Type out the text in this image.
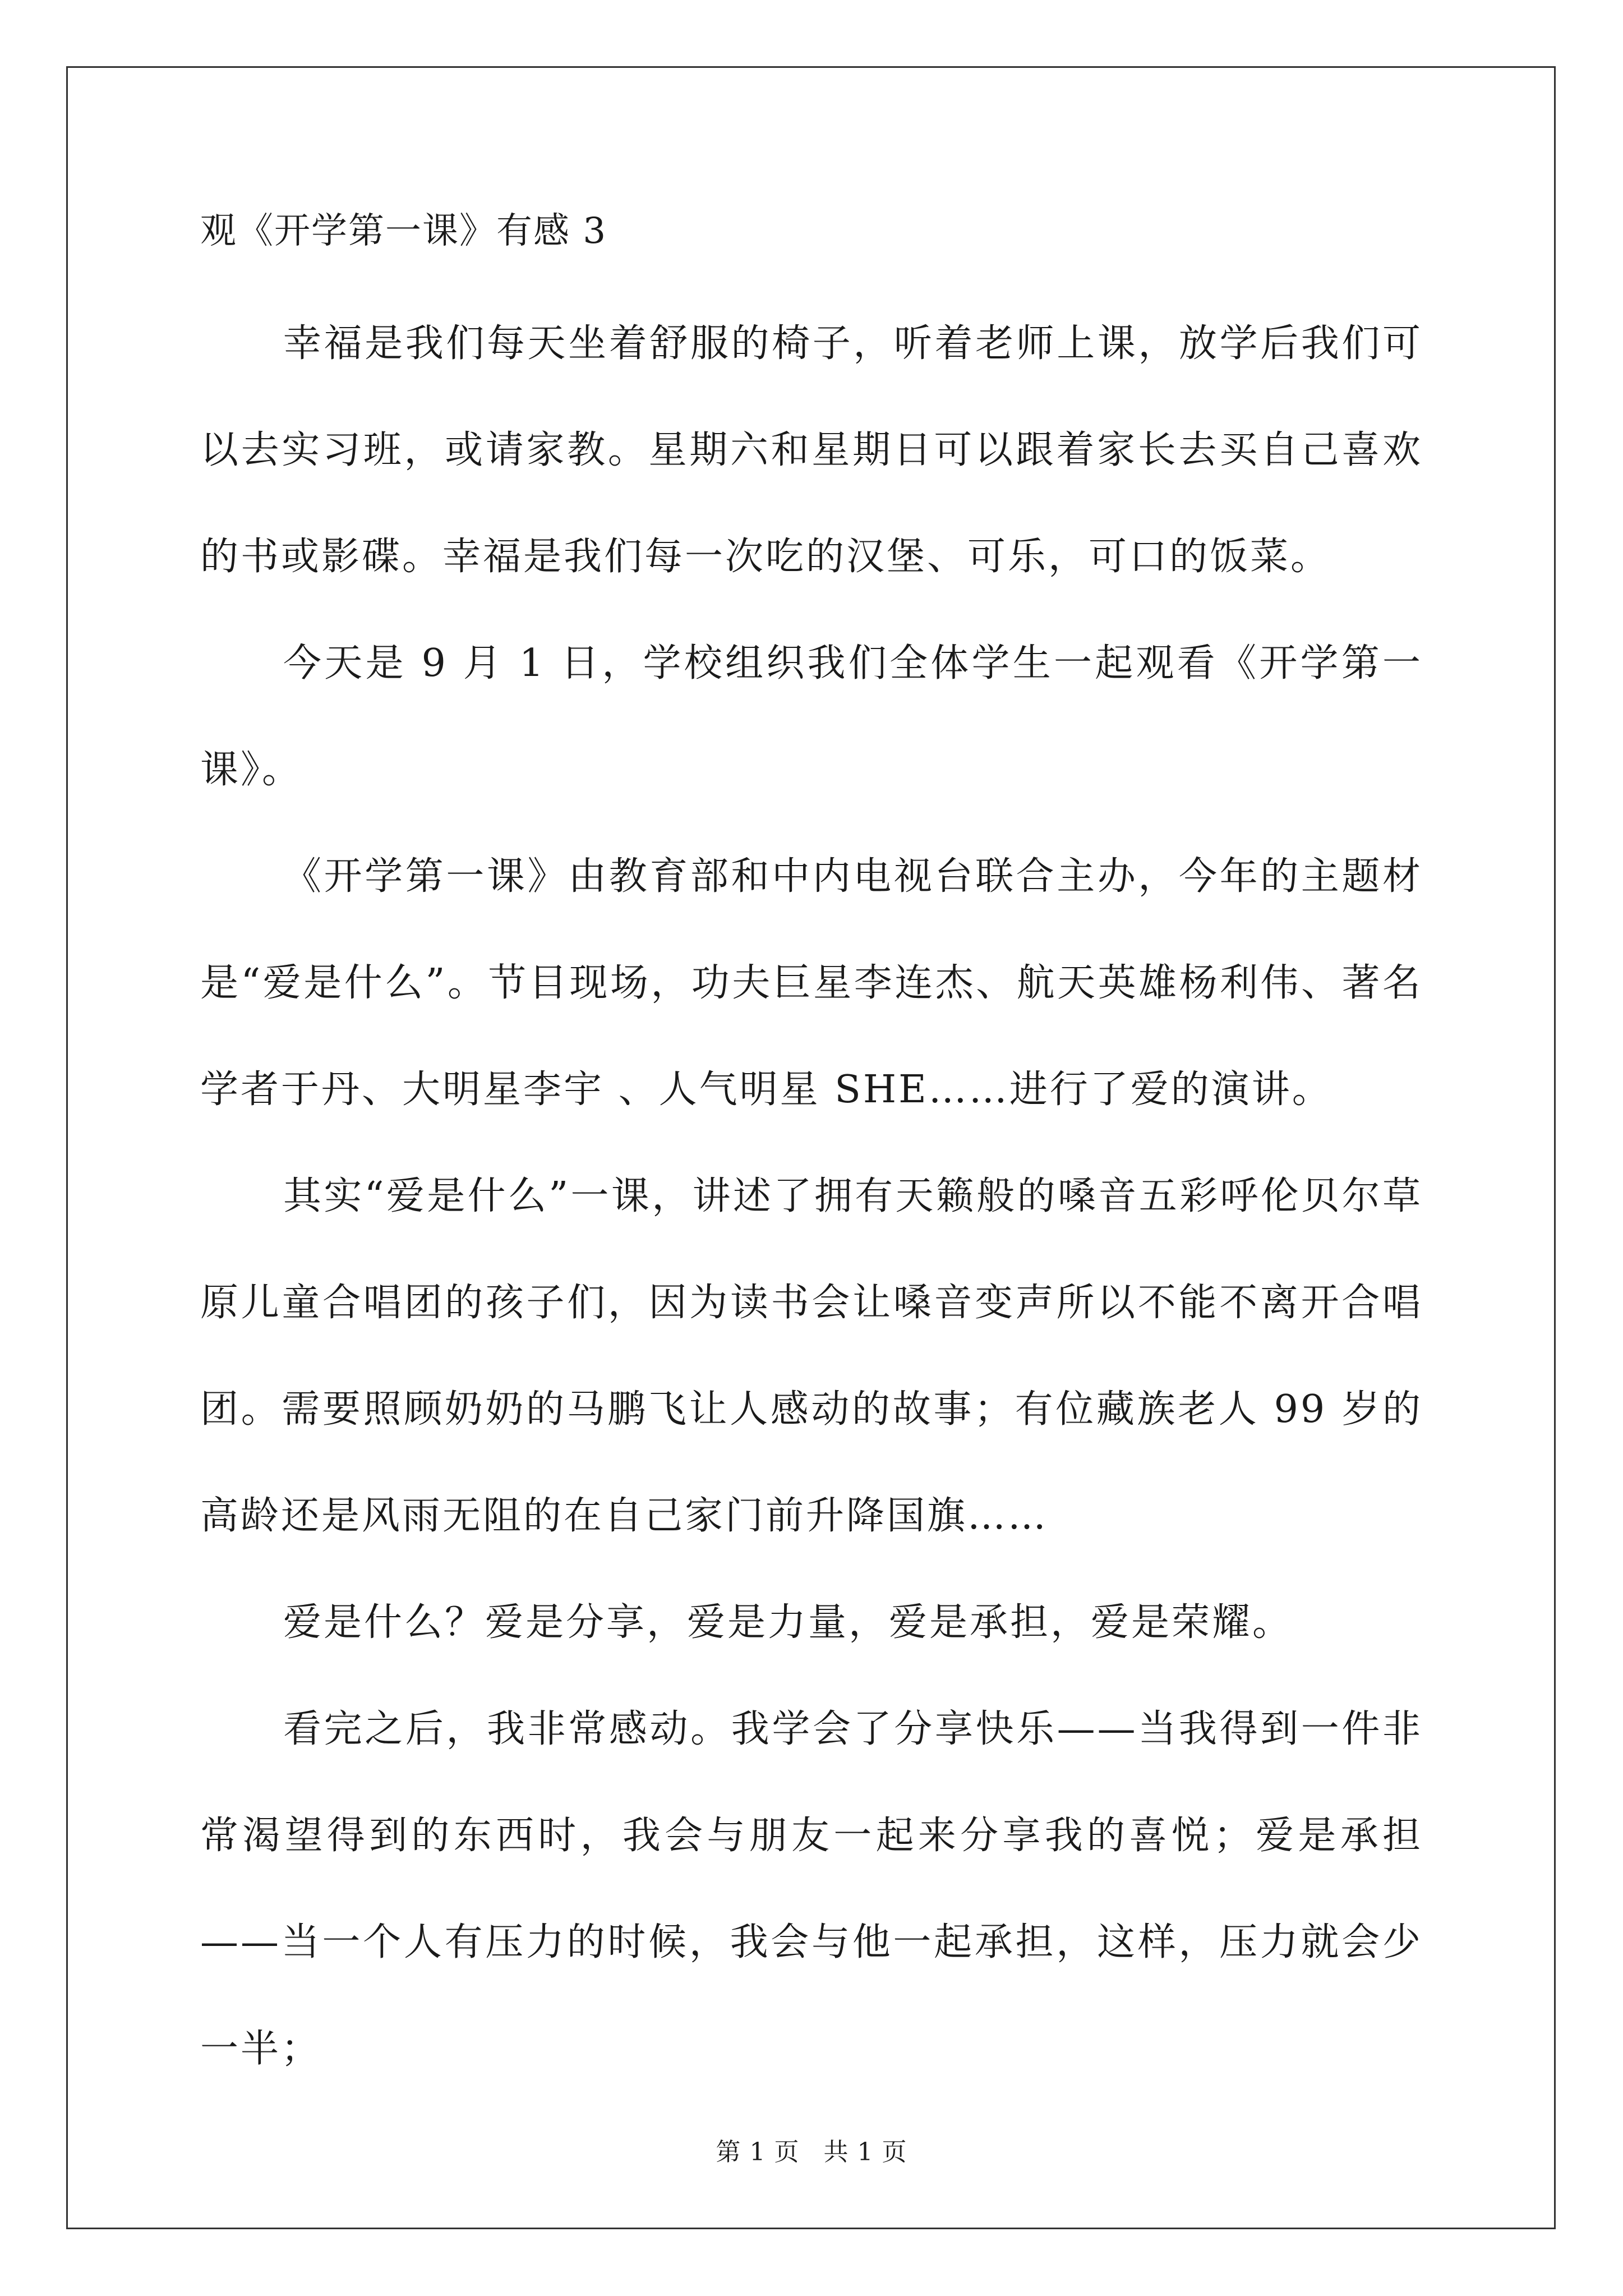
观《开学第一课》有感 3

幸福是我们每天坐着舒服的椅子，听着老师上课，放学后我们可以去实习班，或请家教。星期六和星期日可以跟着家长去买自己喜欢的书或影碟。幸福是我们每一次吃的汉堡、可乐，可口的饭菜。

今天是 9 月 1 日，学校组织我们全体学生一起观看《开学第一课》。

《开学第一课》由教育部和中内电视台联合主办，今年的主题材是“爱是什么”。节目现场，功夫巨星李连杰、航天英雄杨利伟、著名学者于丹、大明星李宇 、人气明星 SHE……进行了爱的演讲。

其实“爱是什么”一课，讲述了拥有天籁般的嗓音五彩呼伦贝尔草原儿童合唱团的孩子们，因为读书会让嗓音变声所以不能不离开合唱团。需要照顾奶奶的马鹏飞让人感动的故事；有位藏族老人 99 岁的高龄还是风雨无阻的在自己家门前升降国旗……

爱是什么？爱是分享，爱是力量，爱是承担，爱是荣耀。

看完之后，我非常感动。我学会了分享快乐——当我得到一件非常渴望得到的东西时，我会与朋友一起来分享我的喜悦；爱是承担——当一个人有压力的时候，我会与他一起承担，这样，压力就会少一半；

第 1 页 共 1 页
